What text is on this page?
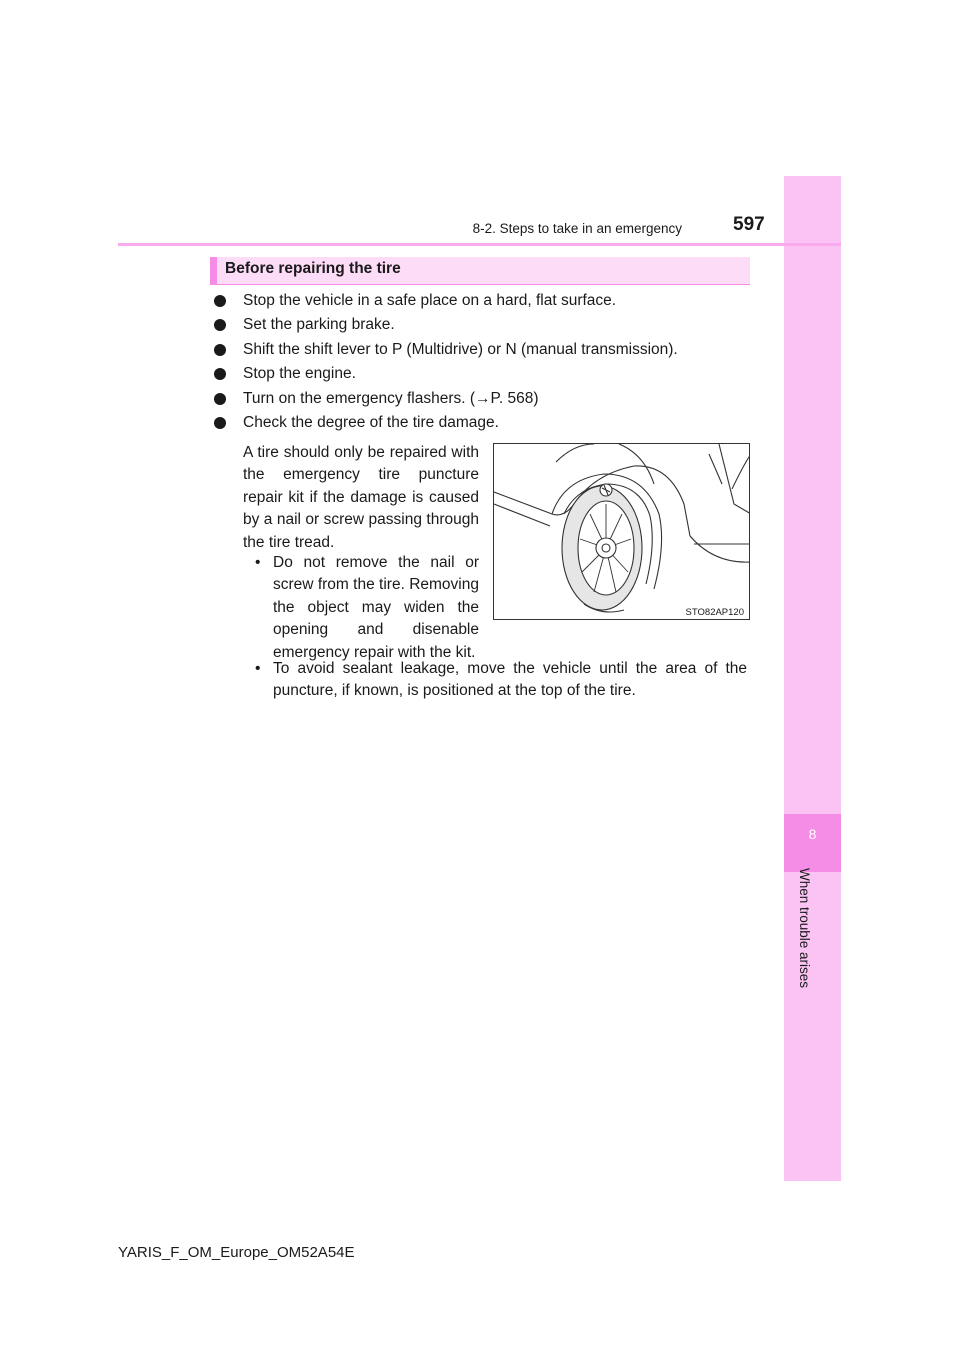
8
When trouble arises
8-2. Steps to take in an emergency	597
Before repairing the tire
Stop the vehicle in a safe place on a hard, flat surface.
Set the parking brake.
Shift the shift lever to P (Multidrive) or N (manual transmission).
Stop the engine.
Turn on the emergency flashers. (→P. 568)
Check the degree of the tire damage.
A tire should only be repaired with the emergency tire puncture repair kit if the damage is caused by a nail or screw passing through the tire tread.
• Do not remove the nail or screw from the tire. Removing the object may widen the opening and disenable emergency repair with the kit.
• To avoid sealant leakage, move the vehicle until the area of the puncture, if known, is positioned at the top of the tire.
STO82AP120
YARIS_F_OM_Europe_OM52A54E
